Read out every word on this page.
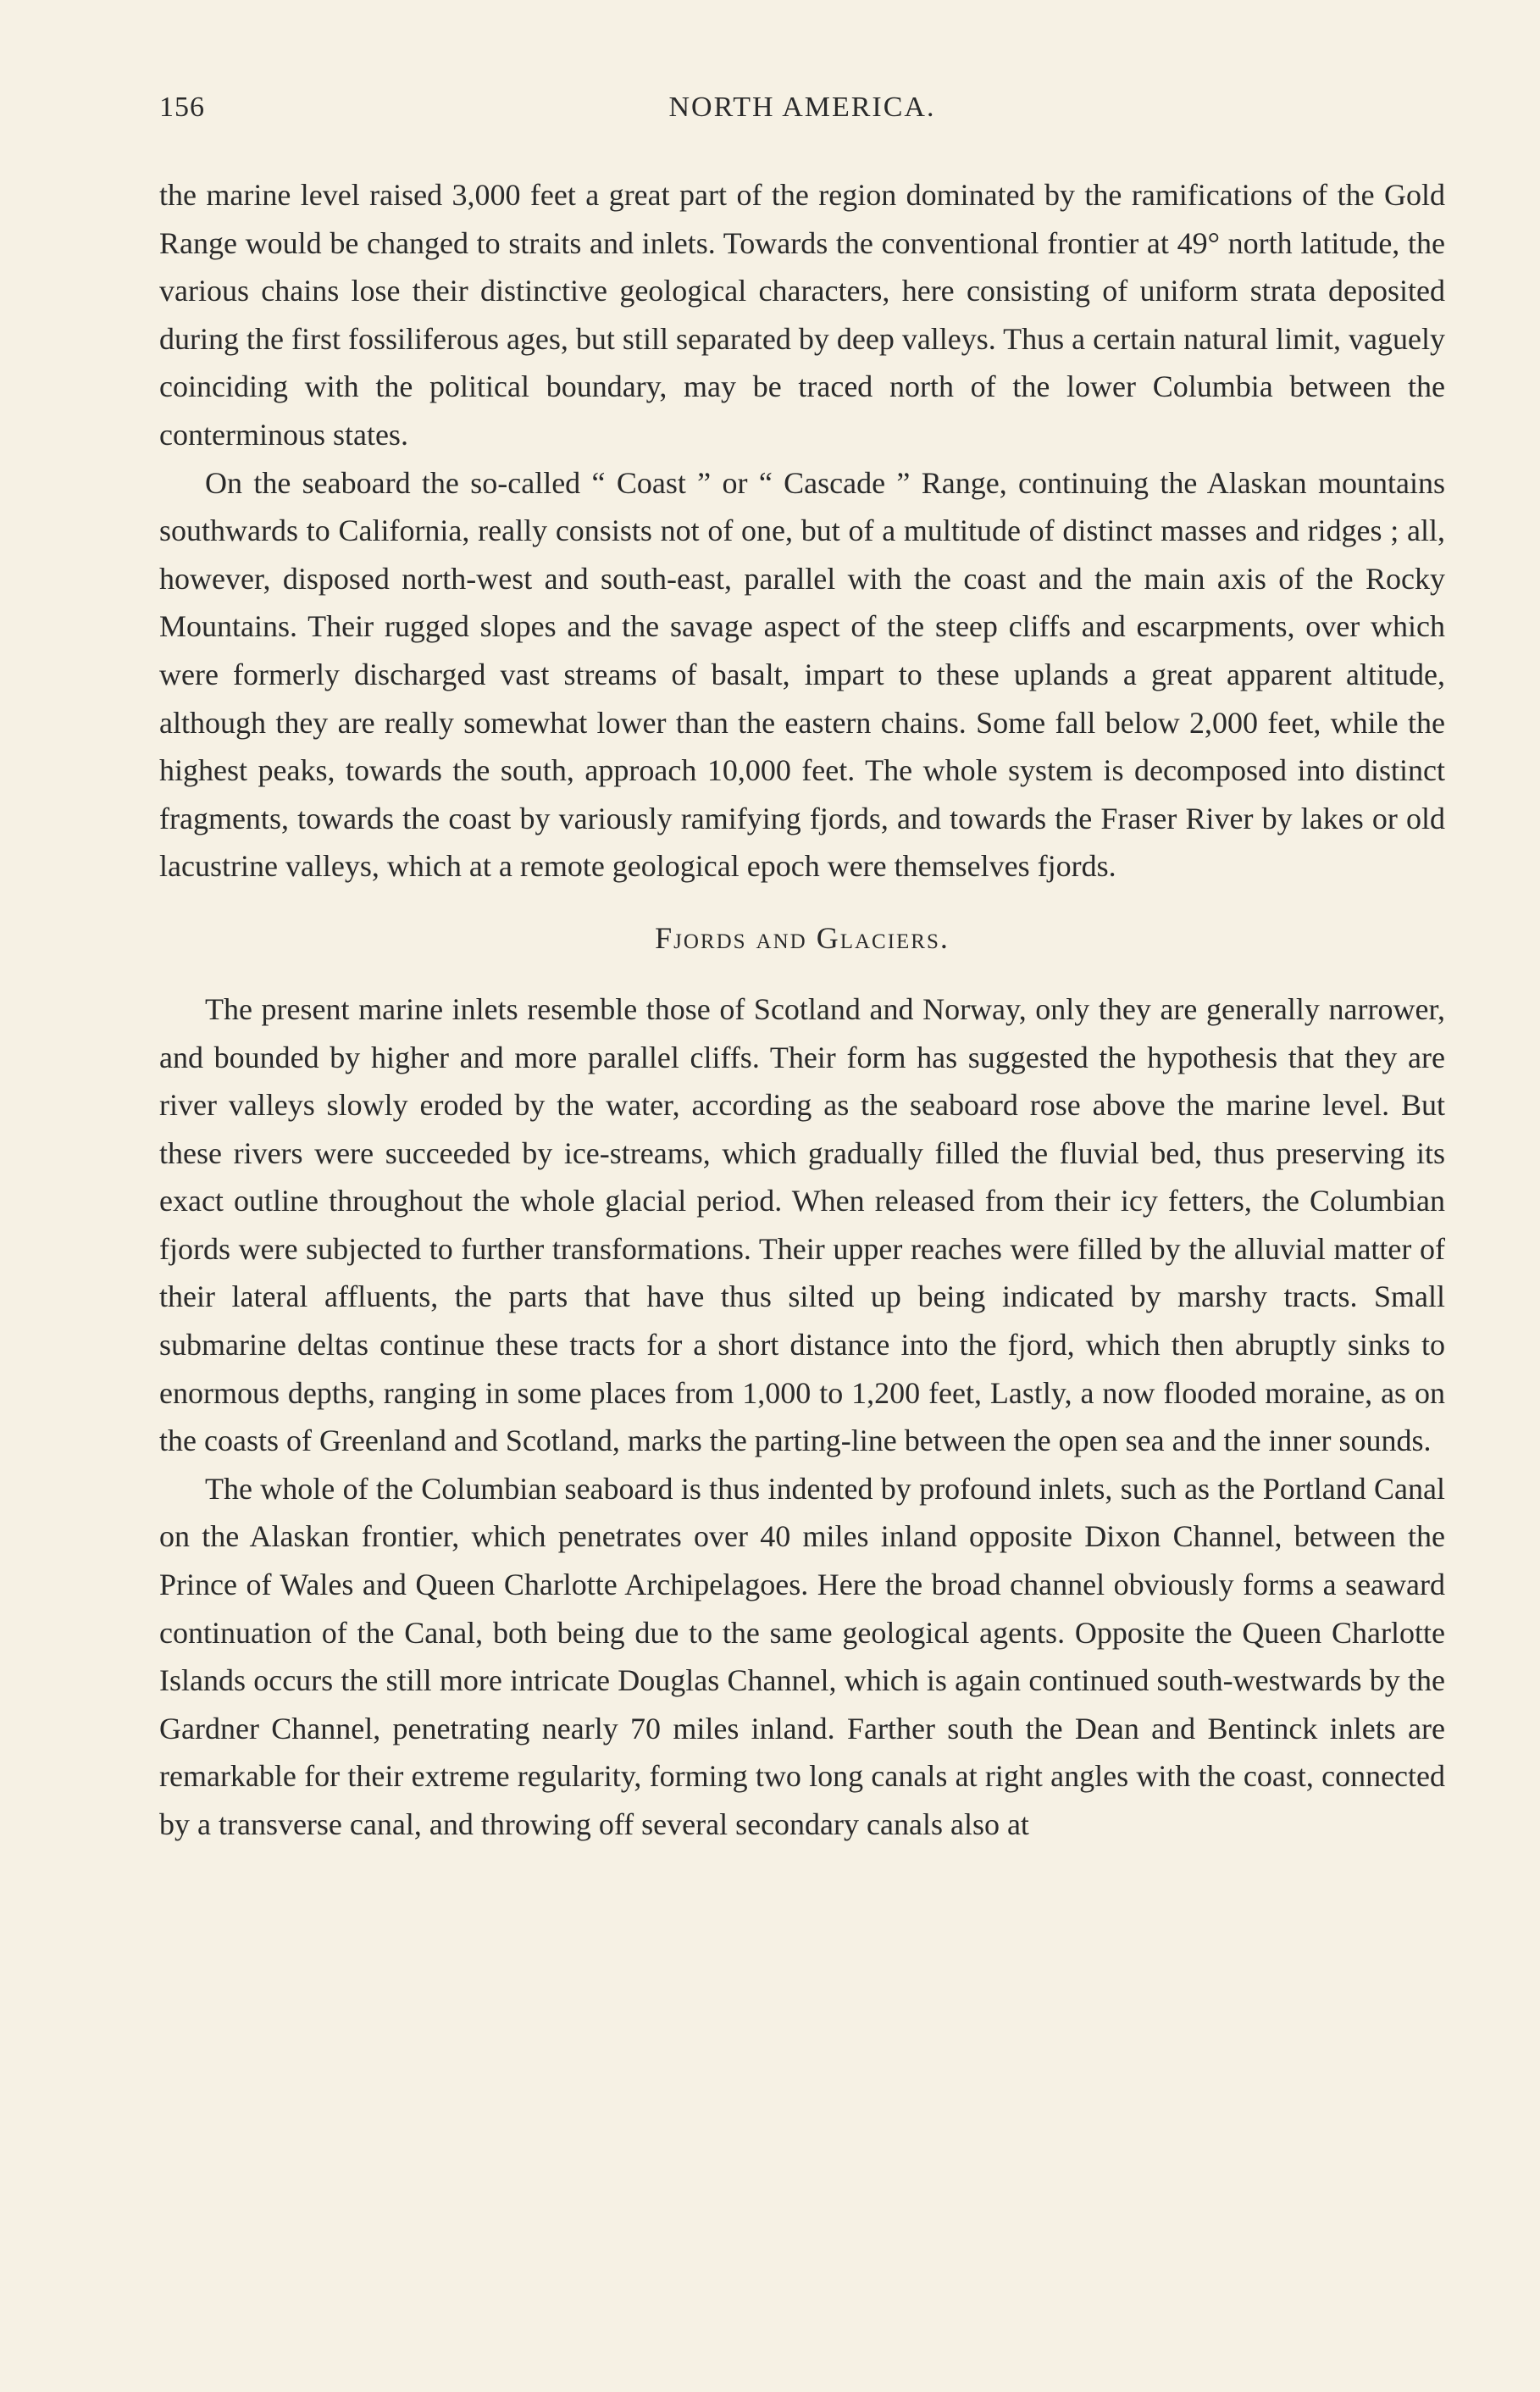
156	NORTH AMERICA.

the marine level raised 3,000 feet a great part of the region dominated by the ramifications of the Gold Range would be changed to straits and inlets. Towards the conventional frontier at 49° north latitude, the various chains lose their distinctive geological characters, here consisting of uniform strata deposited during the first fossiliferous ages, but still separated by deep valleys. Thus a certain natural limit, vaguely coinciding with the political boundary, may be traced north of the lower Columbia between the conterminous states.

On the seaboard the so-called “ Coast ” or “ Cascade ” Range, continuing the Alaskan mountains southwards to California, really consists not of one, but of a multitude of distinct masses and ridges ; all, however, disposed north-west and south-east, parallel with the coast and the main axis of the Rocky Mountains. Their rugged slopes and the savage aspect of the steep cliffs and escarpments, over which were formerly discharged vast streams of basalt, impart to these uplands a great apparent altitude, although they are really somewhat lower than the eastern chains. Some fall below 2,000 feet, while the highest peaks, towards the south, approach 10,000 feet. The whole system is decomposed into distinct fragments, towards the coast by variously ramifying fjords, and towards the Fraser River by lakes or old lacustrine valleys, which at a remote geological epoch were themselves fjords.

Fjords and Glaciers.

The present marine inlets resemble those of Scotland and Norway, only they are generally narrower, and bounded by higher and more parallel cliffs. Their form has suggested the hypothesis that they are river valleys slowly eroded by the water, according as the seaboard rose above the marine level. But these rivers were succeeded by ice-streams, which gradually filled the fluvial bed, thus preserving its exact outline throughout the whole glacial period. When released from their icy fetters, the Columbian fjords were subjected to further transformations. Their upper reaches were filled by the alluvial matter of their lateral affluents, the parts that have thus silted up being indicated by marshy tracts. Small submarine deltas continue these tracts for a short distance into the fjord, which then abruptly sinks to enormous depths, ranging in some places from 1,000 to 1,200 feet, Lastly, a now flooded moraine, as on the coasts of Greenland and Scotland, marks the parting-line between the open sea and the inner sounds.

The whole of the Columbian seaboard is thus indented by profound inlets, such as the Portland Canal on the Alaskan frontier, which penetrates over 40 miles inland opposite Dixon Channel, between the Prince of Wales and Queen Charlotte Archipelagoes. Here the broad channel obviously forms a seaward continuation of the Canal, both being due to the same geological agents. Opposite the Queen Charlotte Islands occurs the still more intricate Douglas Channel, which is again continued south-westwards by the Gardner Channel, penetrating nearly 70 miles inland. Farther south the Dean and Bentinck inlets are remarkable for their extreme regularity, forming two long canals at right angles with the coast, connected by a transverse canal, and throwing off several secondary canals also at
